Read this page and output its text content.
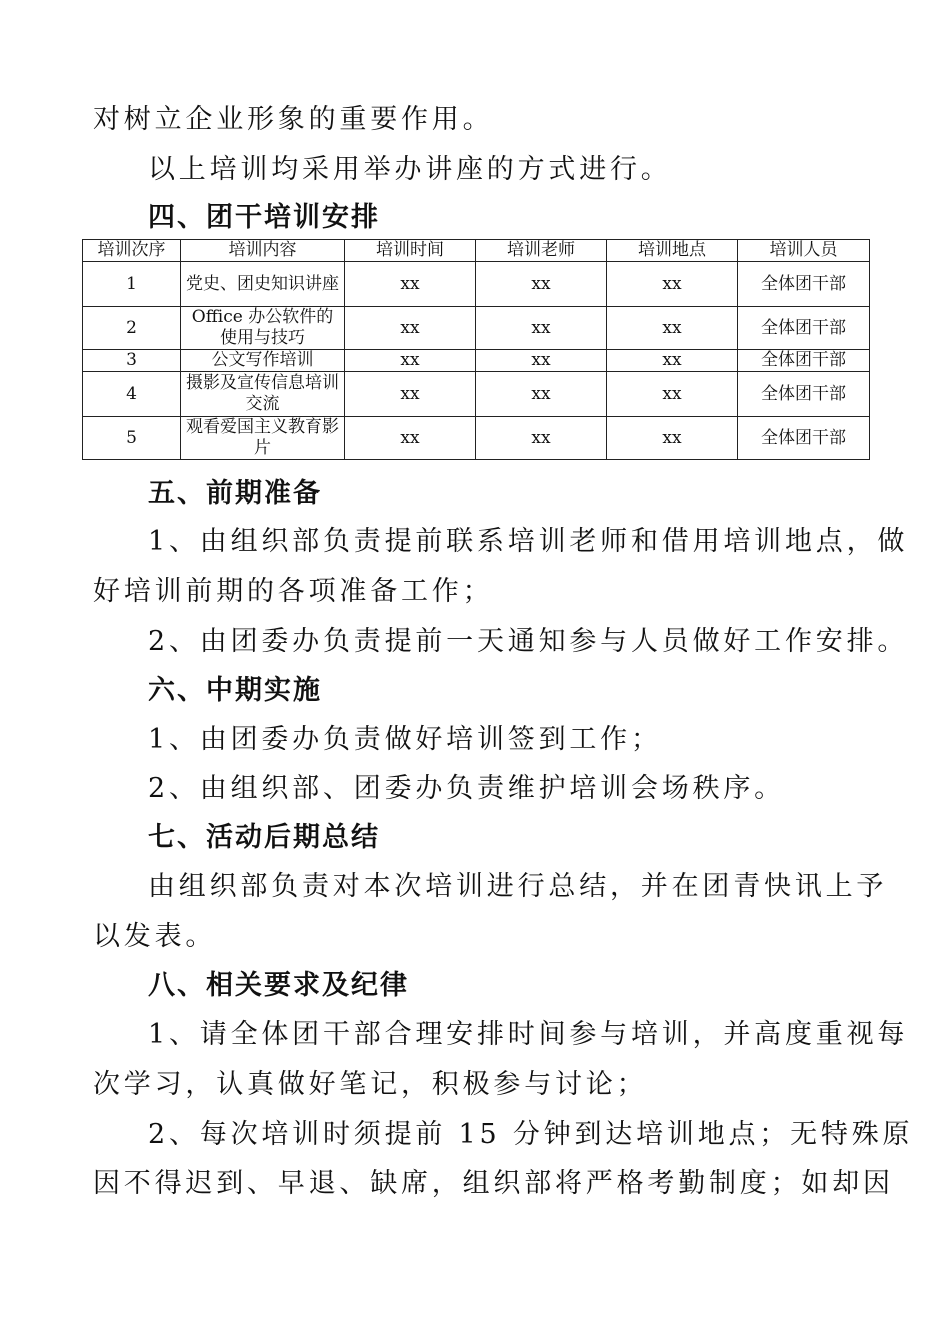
对树立企业形象的重要作用。
以上培训均采用举办讲座的方式进行。
四、团干培训安排
培训次序	培训内容	培训时间	培训老师	培训地点	培训人员
1	党史、团史知识讲座	xx	xx	xx	全体团干部
2	Office 办公软件的使用与技巧	xx	xx	xx	全体团干部
3	公文写作培训	xx	xx	xx	全体团干部
4	摄影及宣传信息培训交流	xx	xx	xx	全体团干部
5	观看爱国主义教育影片	xx	xx	xx	全体团干部
五、前期准备
1、由组织部负责提前联系培训老师和借用培训地点，做
好培训前期的各项准备工作；
2、由团委办负责提前一天通知参与人员做好工作安排。
六、中期实施
1、由团委办负责做好培训签到工作；
2、由组织部、团委办负责维护培训会场秩序。
七、活动后期总结
由组织部负责对本次培训进行总结，并在团青快讯上予
以发表。
八、相关要求及纪律
1、请全体团干部合理安排时间参与培训，并高度重视每
次学习，认真做好笔记，积极参与讨论；
2、每次培训时须提前 15 分钟到达培训地点；无特殊原
因不得迟到、早退、缺席，组织部将严格考勤制度；如却因
